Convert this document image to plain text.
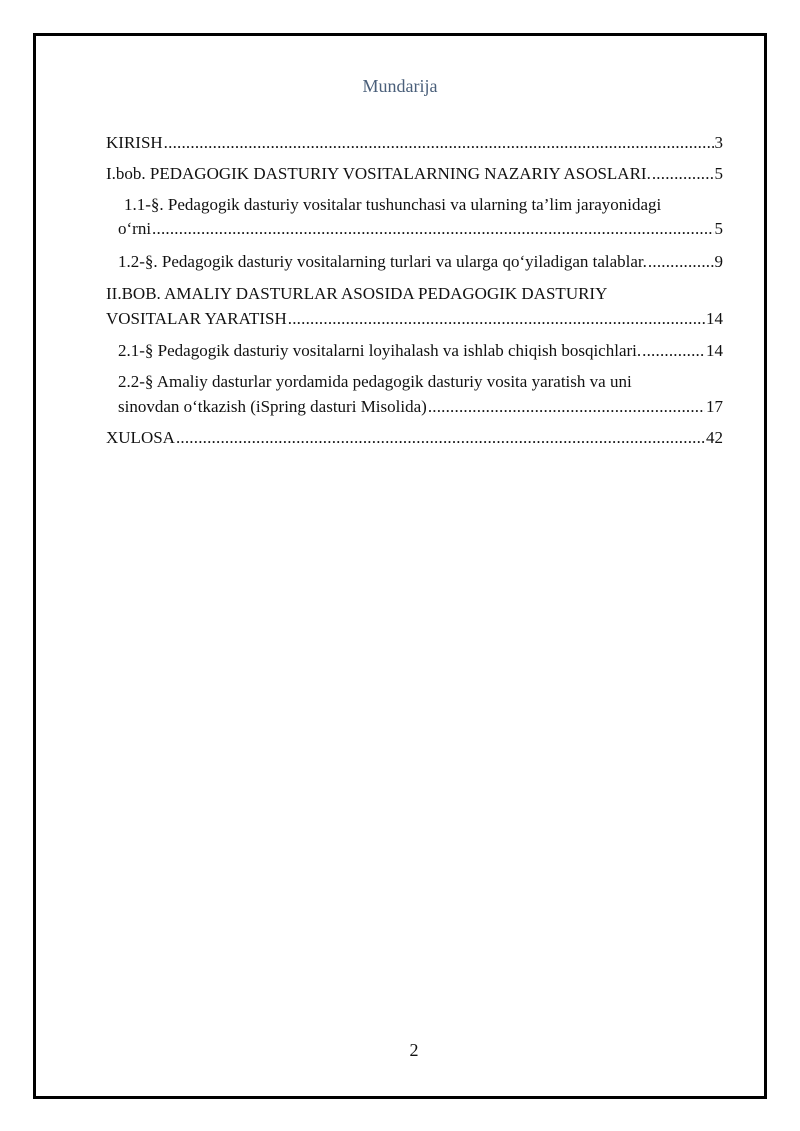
Mundarija
KIRISH .....	3
I.bob. PEDAGOGIK DASTURIY VOSITALARNING NAZARIY ASOSLARI. .....	5
1.1-§. Pedagogik dasturiy vositalar tushunchasi va ularning ta’lim jarayonidagi
o‘rni .....	5
1.2-§. Pedagogik dasturiy vositalarning turlari va ularga qo‘yiladigan talablar. .....	9
II.BOB. AMALIY DASTURLAR ASOSIDA PEDAGOGIK DASTURIY
VOSITALAR YARATISH .....	14
2.1-§ Pedagogik dasturiy vositalarni loyihalash va ishlab chiqish bosqichlari. .....	14
2.2-§ Amaliy dasturlar yordamida pedagogik dasturiy vosita yaratish va uni
sinovdan o‘tkazish (iSpring dasturi Misolida) .....	17
XULOSA .....	42
2
